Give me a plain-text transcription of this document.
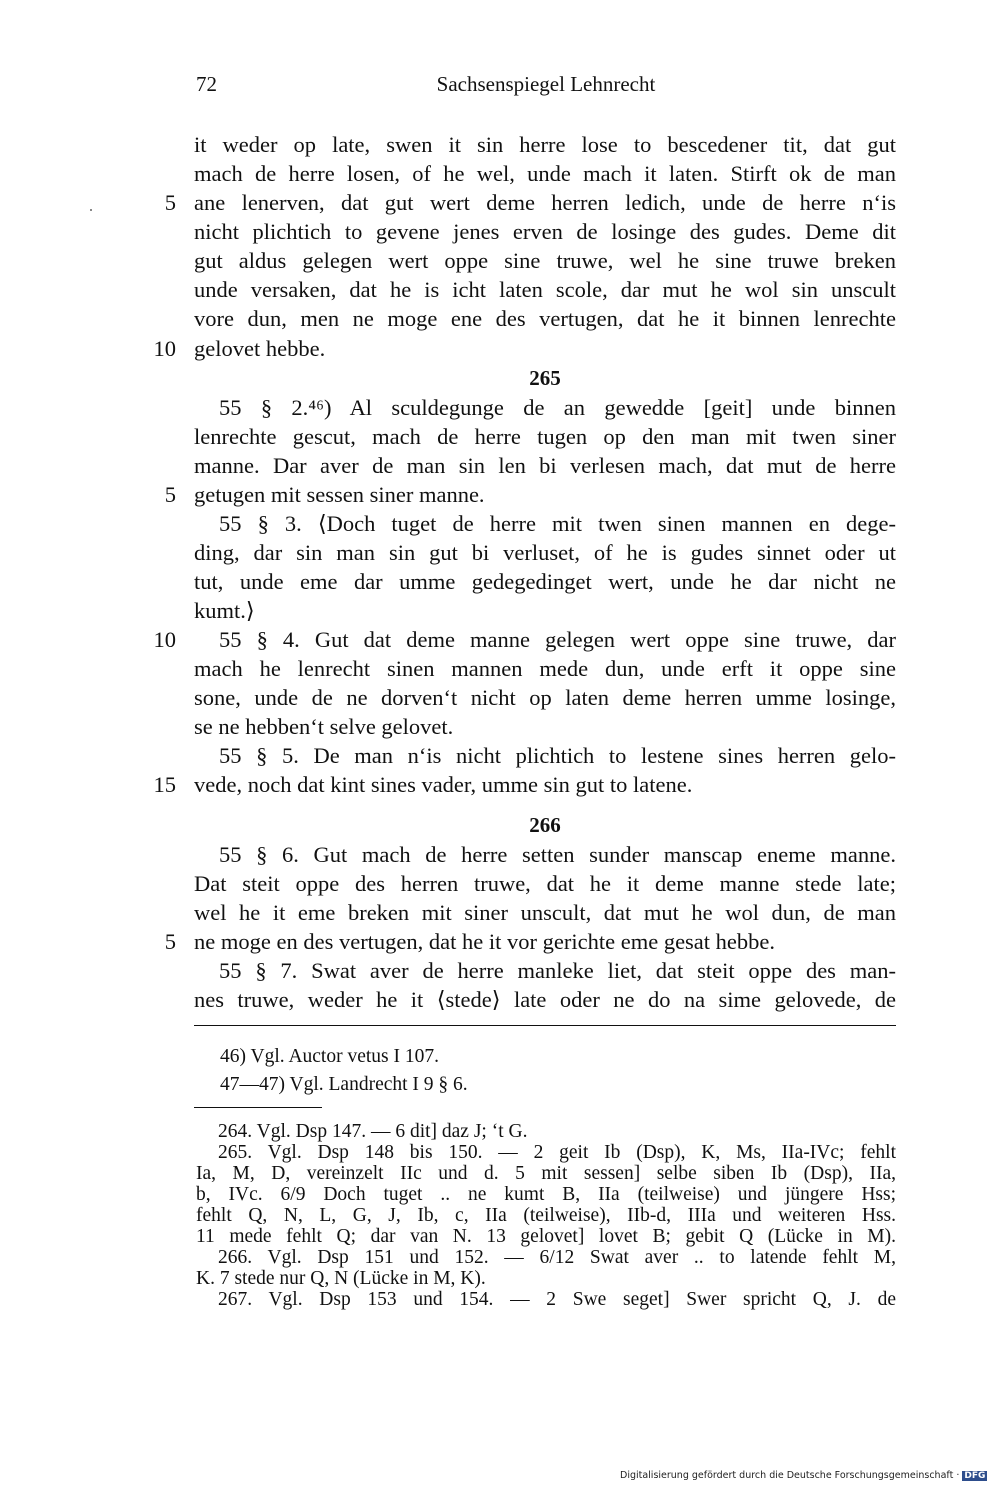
72	Sachsenspiegel Lehnrecht
it weder op late, swen it sin herre lose to bescedener tit, dat gut
mach de herre losen, of he wel, unde mach it laten. Stirft ok de man
5 ane lenerven, dat gut wert deme herren ledich, unde de herre n‘is
nicht plichtich to gevene jenes erven de losinge des gudes. Deme dit
gut aldus gelegen wert oppe sine truwe, wel he sine truwe breken
unde versaken, dat he is icht laten scole, dar mut he wol sin unscult
vore dun, men ne moge ene des vertugen, dat he it binnen lenrechte
10 gelovet hebbe.
265
55 § 2.⁴⁶) Al sculdegunge de an gewedde [geit] unde binnen
lenrechte gescut, mach de herre tugen op den man mit twen siner
manne. Dar aver de man sin len bi verlesen mach, dat mut de herre
5 getugen mit sessen siner manne.
55 § 3. ⟨Doch tuget de herre mit twen sinen mannen en dege-
ding, dar sin man sin gut bi verluset, of he is gudes sinnet oder ut
tut, unde eme dar umme gedegedinget wert, unde he dar nicht ne
kumt.⟩
10 55 § 4. Gut dat deme manne gelegen wert oppe sine truwe, dar
mach he lenrecht sinen mannen mede dun, unde erft it oppe sine
sone, unde de ne dorven‘t nicht op laten deme herren umme losinge,
se ne hebben‘t selve gelovet.
55 § 5. De man n‘is nicht plichtich to lestene sines herren gelo-
15 vede, noch dat kint sines vader, umme sin gut to latene.
266
55 § 6. Gut mach de herre setten sunder manscap eneme manne.
Dat steit oppe des herren truwe, dat he it deme manne stede late;
wel he it eme breken mit siner unscult, dat mut he wol dun, de man
5 ne moge en des vertugen, dat he it vor gerichte eme gesat hebbe.
55 § 7. Swat aver de herre manleke liet, dat steit oppe des man-
nes truwe, weder he it ⟨stede⟩ late oder ne do na sime gelovede, de
46) Vgl. Auctor vetus I 107.
47—47) Vgl. Landrecht I 9 § 6.
264. Vgl. Dsp 147. — 6 dit] daz J; ‘t G.
265. Vgl. Dsp 148 bis 150. — 2 geit Ib (Dsp), K, Ms, IIa-IVc; fehlt
Ia, M, D, vereinzelt IIc und d. 5 mit sessen] selbe siben Ib (Dsp), IIa,
b, IVc. 6/9 Doch tuget .. ne kumt B, IIa (teilweise) und jüngere Hss;
fehlt Q, N, L, G, J, Ib, c, IIa (teilweise), IIb-d, IIIa und weiteren Hss.
11 mede fehlt Q; dar van N. 13 gelovet] lovet B; gebit Q (Lücke in M).
266. Vgl. Dsp 151 und 152. — 6/12 Swat aver .. to latende fehlt M,
K. 7 stede nur Q, N (Lücke in M, K).
267. Vgl. Dsp 153 und 154. — 2 Swe seget] Swer spricht Q, J. de
Digitalisierung gefördert durch die Deutsche Forschungsgemeinschaft · DFG
